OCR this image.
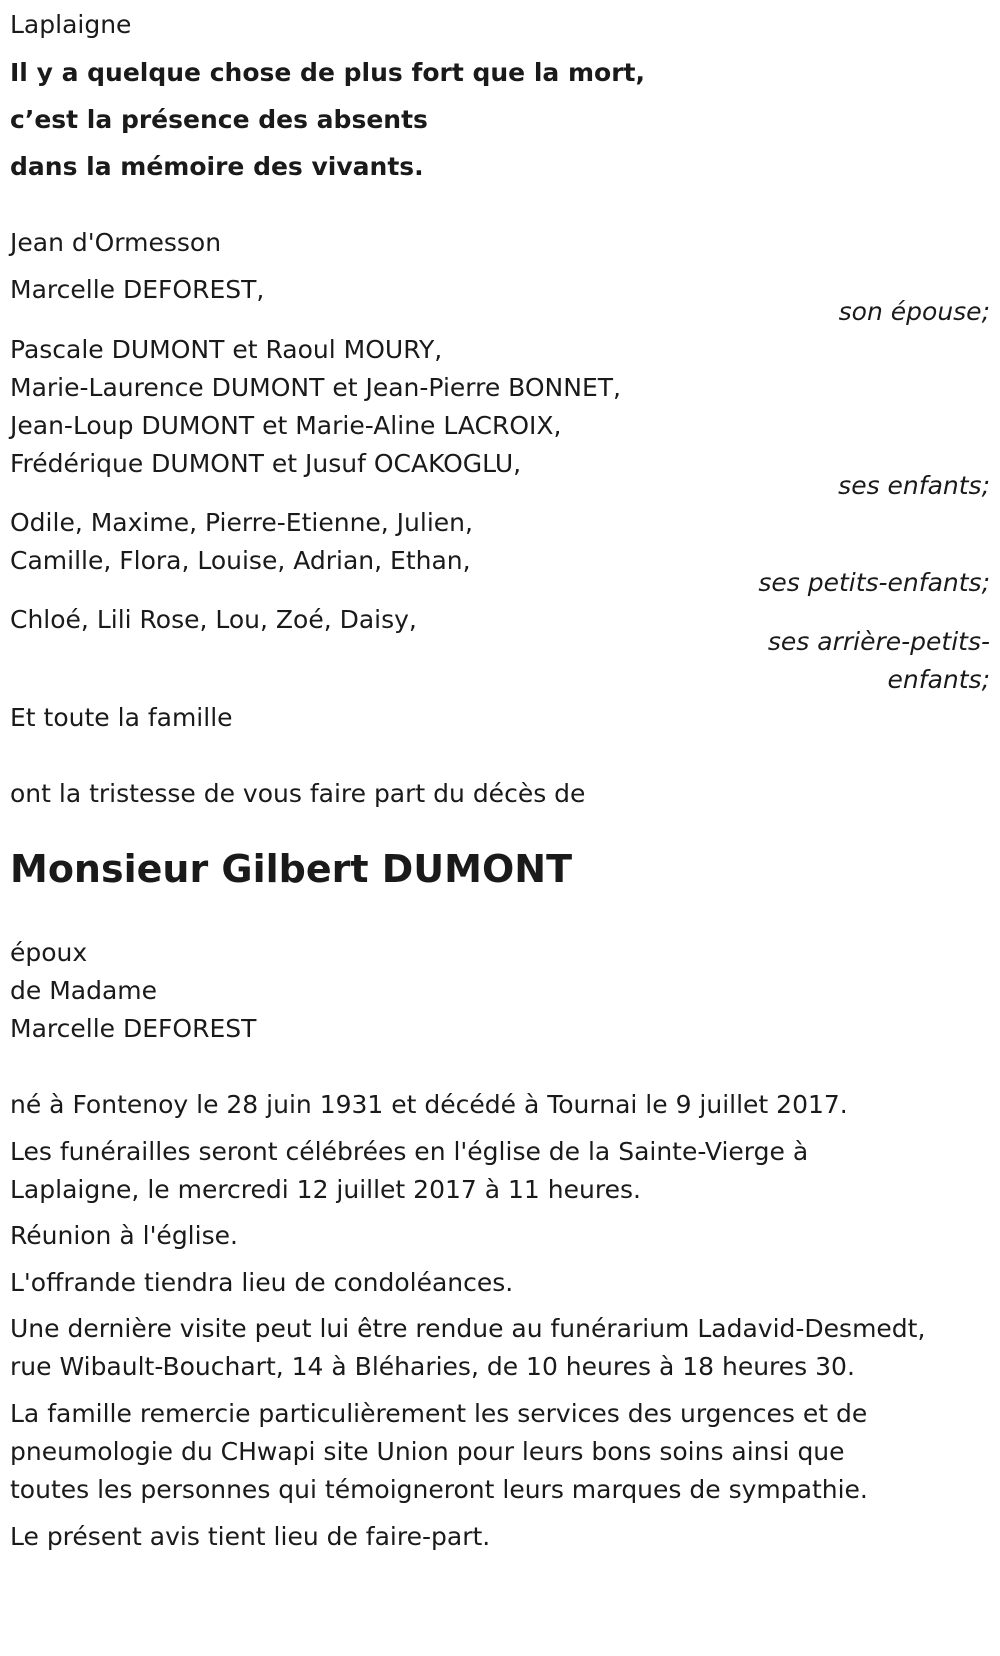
Laplaigne
Il y a quelque chose de plus fort que la mort,
c’est la présence des absents
dans la mémoire des vivants.
Jean d'Ormesson
Marcelle DEFOREST,
son épouse;
Pascale DUMONT et Raoul MOURY,
Marie-Laurence DUMONT et Jean-Pierre BONNET,
Jean-Loup DUMONT et Marie-Aline LACROIX,
Frédérique DUMONT et Jusuf OCAKOGLU,
ses enfants;
Odile, Maxime, Pierre-Etienne, Julien,
Camille, Flora, Louise, Adrian, Ethan,
ses petits-enfants;
Chloé, Lili Rose, Lou, Zoé, Daisy,
ses arrière-petits-
enfants;
Et toute la famille
ont la tristesse de vous faire part du décès de
Monsieur Gilbert DUMONT
époux
de Madame
Marcelle DEFOREST
né à Fontenoy le 28 juin 1931 et décédé à Tournai le 9 juillet 2017.
Les funérailles seront célébrées en l'église de la Sainte-Vierge à
Laplaigne, le mercredi 12 juillet 2017 à 11 heures.
Réunion à l'église.
L'offrande tiendra lieu de condoléances.
Une dernière visite peut lui être rendue au funérarium Ladavid-Desmedt,
rue Wibault-Bouchart, 14 à Bléharies, de 10 heures à 18 heures 30.
La famille remercie particulièrement les services des urgences et de
pneumologie du CHwapi site Union pour leurs bons soins ainsi que
toutes les personnes qui témoigneront leurs marques de sympathie.
Le présent avis tient lieu de faire-part.
